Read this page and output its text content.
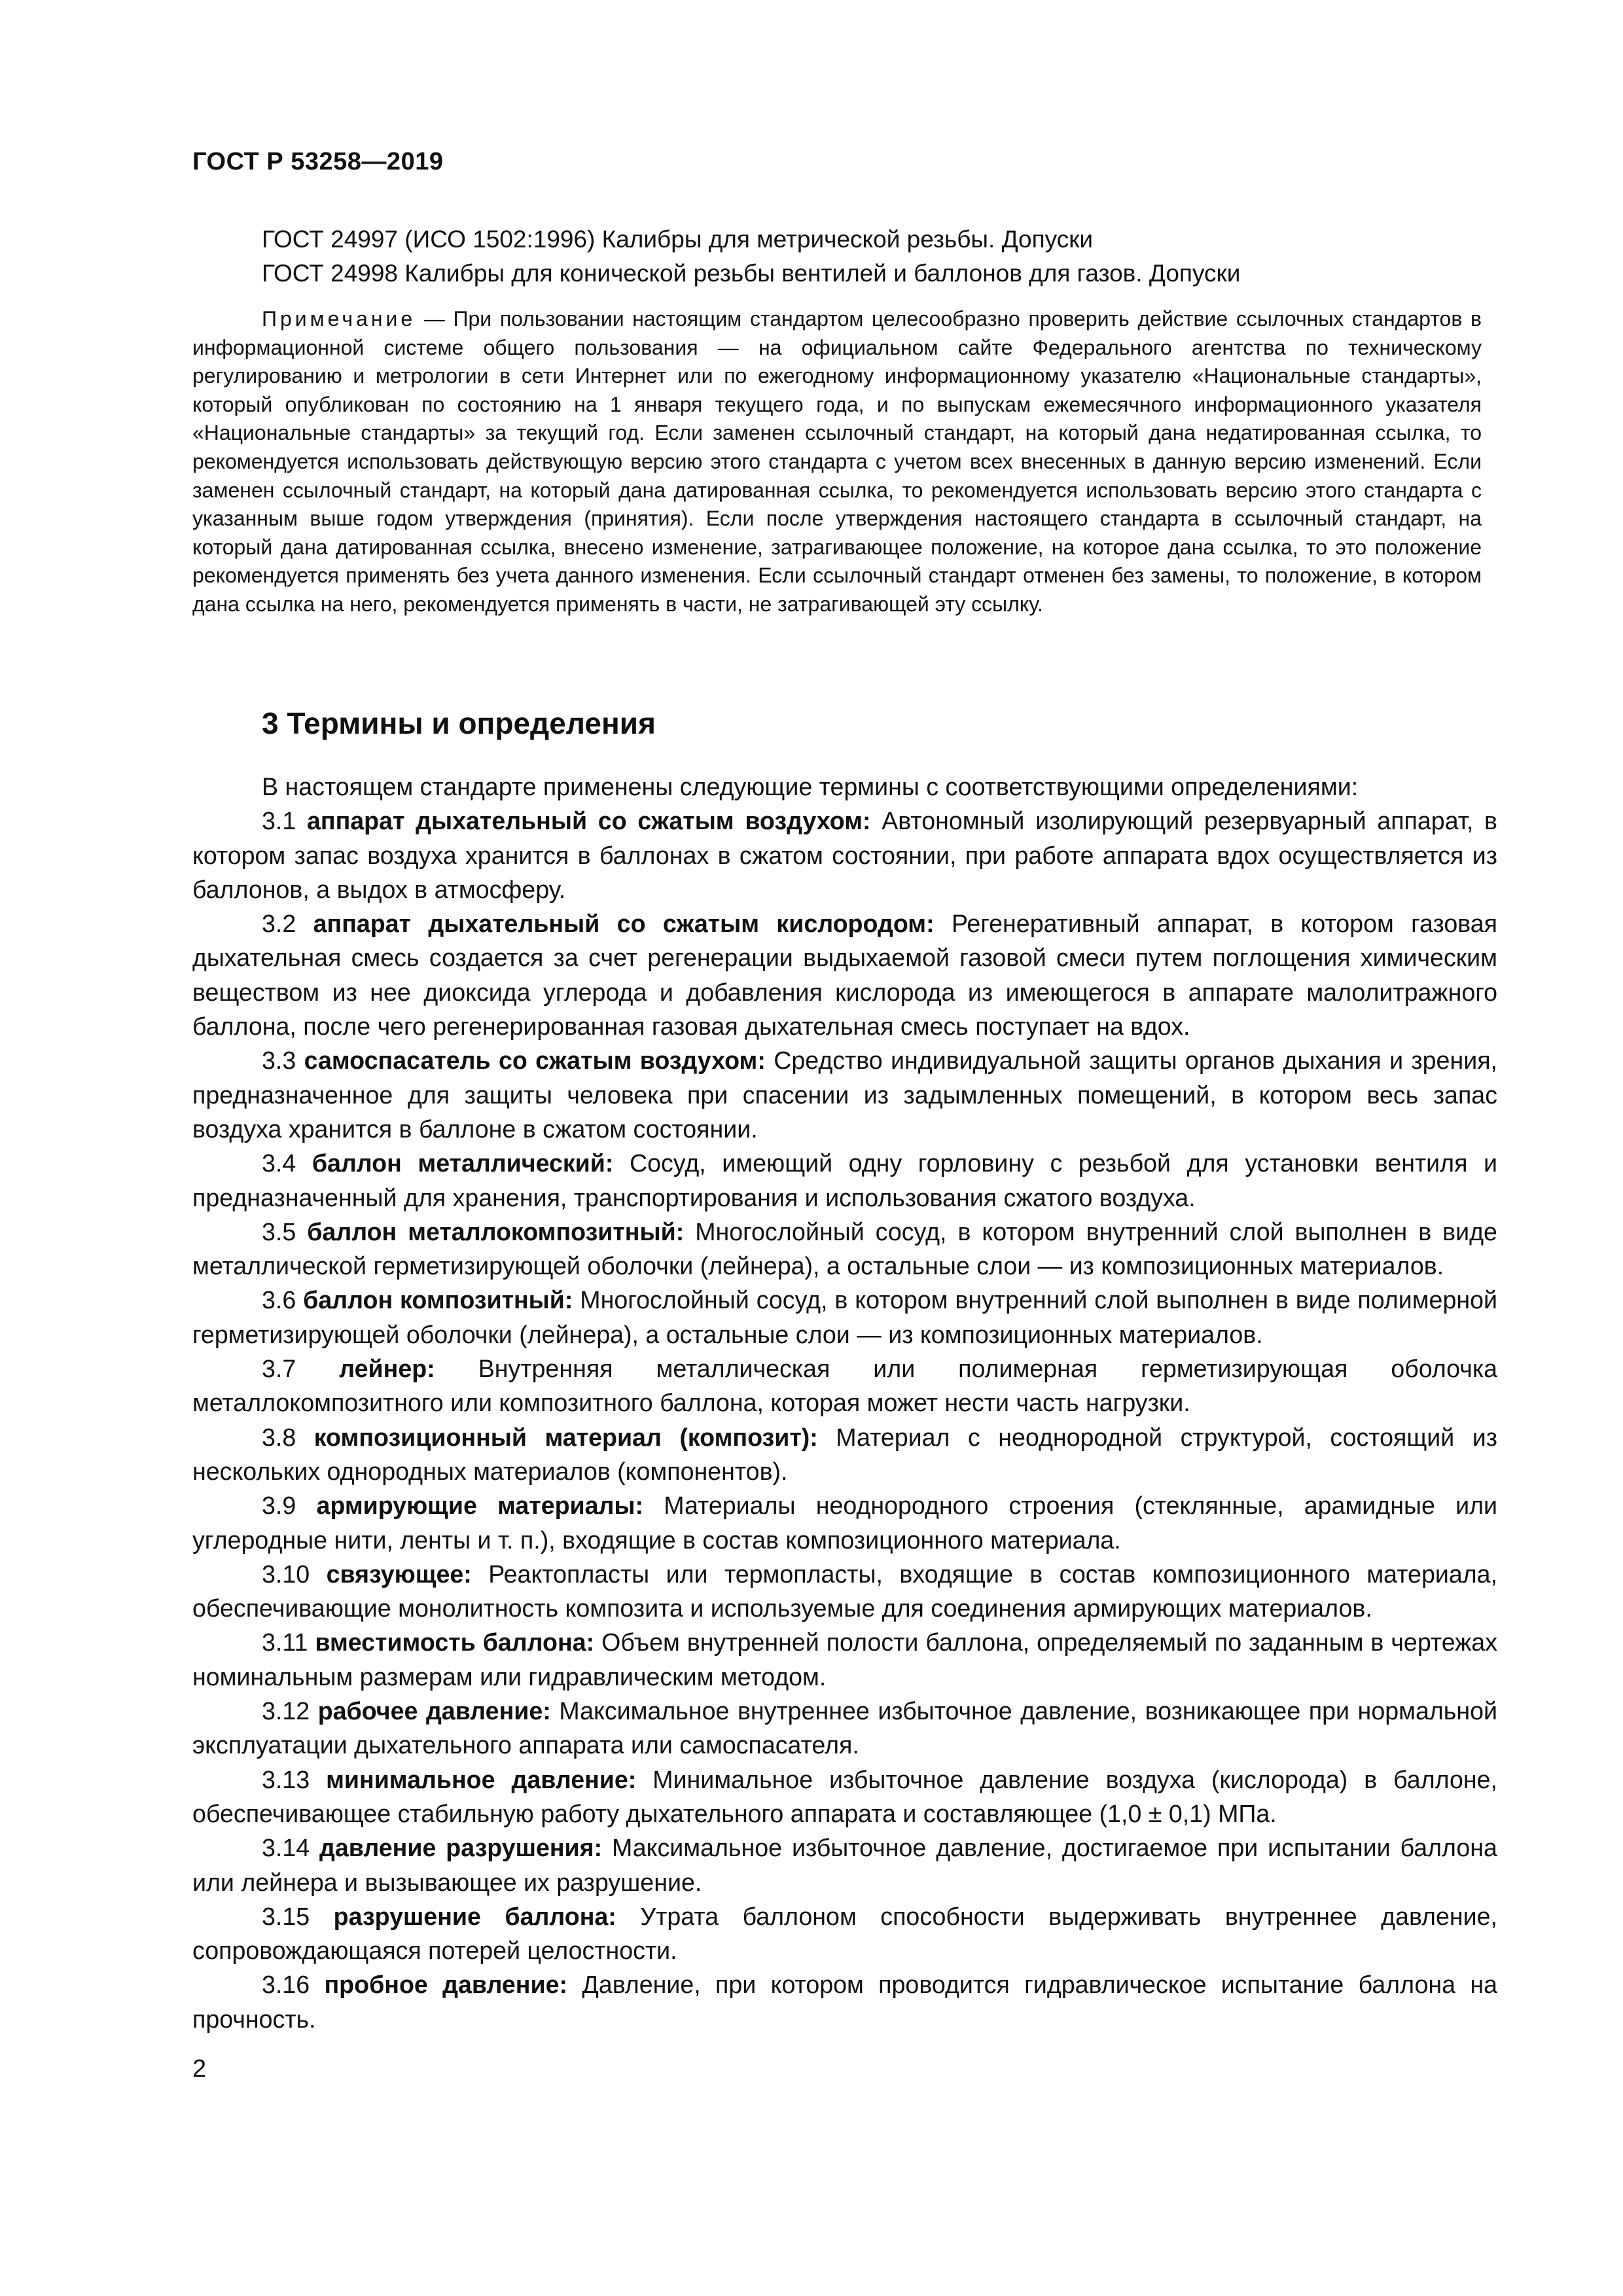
ГОСТ Р 53258—2019
ГОСТ 24997 (ИСО 1502:1996) Калибры для метрической резьбы. Допуски
ГОСТ 24998 Калибры для конической резьбы вентилей и баллонов для газов. Допуски
Примечание — При пользовании настоящим стандартом целесообразно проверить действие ссылочных стандартов в информационной системе общего пользования — на официальном сайте Федерального агентства по техническому регулированию и метрологии в сети Интернет или по ежегодному информационному указателю «Национальные стандарты», который опубликован по состоянию на 1 января текущего года, и по выпускам ежемесячного информационного указателя «Национальные стандарты» за текущий год. Если заменен ссылочный стандарт, на который дана недатированная ссылка, то рекомендуется использовать действующую версию этого стандарта с учетом всех внесенных в данную версию изменений. Если заменен ссылочный стандарт, на который дана датированная ссылка, то рекомендуется использовать версию этого стандарта с указанным выше годом утверждения (принятия). Если после утверждения настоящего стандарта в ссылочный стандарт, на который дана датированная ссылка, внесено изменение, затрагивающее положение, на которое дана ссылка, то это положение рекомендуется применять без учета данного изменения. Если ссылочный стандарт отменен без замены, то положение, в котором дана ссылка на него, рекомендуется применять в части, не затрагивающей эту ссылку.
3 Термины и определения

В настоящем стандарте применены следующие термины с соответствующими определениями:

3.1 аппарат дыхательный со сжатым воздухом: Автономный изолирующий резервуарный аппарат, в котором запас воздуха хранится в баллонах в сжатом состоянии, при работе аппарата вдох осуществляется из баллонов, а выдох в атмосферу.

3.2 аппарат дыхательный со сжатым кислородом: Регенеративный аппарат, в котором газовая дыхательная смесь создается за счет регенерации выдыхаемой газовой смеси путем поглощения химическим веществом из нее диоксида углерода и добавления кислорода из имеющегося в аппарате малолитражного баллона, после чего регенерированная газовая дыхательная смесь поступает на вдох.

3.3 самоспасатель со сжатым воздухом: Средство индивидуальной защиты органов дыхания и зрения, предназначенное для защиты человека при спасении из задымленных помещений, в котором весь запас воздуха хранится в баллоне в сжатом состоянии.

3.4 баллон металлический: Сосуд, имеющий одну горловину с резьбой для установки вентиля и предназначенный для хранения, транспортирования и использования сжатого воздуха.

3.5 баллон металлокомпозитный: Многослойный сосуд, в котором внутренний слой выполнен в виде металлической герметизирующей оболочки (лейнера), а остальные слои — из композиционных материалов.

3.6 баллон композитный: Многослойный сосуд, в котором внутренний слой выполнен в виде полимерной герметизирующей оболочки (лейнера), а остальные слои — из композиционных материалов.

3.7 лейнер: Внутренняя металлическая или полимерная герметизирующая оболочка металлокомпозитного или композитного баллона, которая может нести часть нагрузки.

3.8 композиционный материал (композит): Материал с неоднородной структурой, состоящий из нескольких однородных материалов (компонентов).

3.9 армирующие материалы: Материалы неоднородного строения (стеклянные, арамидные или углеродные нити, ленты и т. п.), входящие в состав композиционного материала.

3.10 связующее: Реактопласты или термопласты, входящие в состав композиционного материала, обеспечивающие монолитность композита и используемые для соединения армирующих материалов.

3.11 вместимость баллона: Объем внутренней полости баллона, определяемый по заданным в чертежах номинальным размерам или гидравлическим методом.

3.12 рабочее давление: Максимальное внутреннее избыточное давление, возникающее при нормальной эксплуатации дыхательного аппарата или самоспасателя.

3.13 минимальное давление: Минимальное избыточное давление воздуха (кислорода) в баллоне, обеспечивающее стабильную работу дыхательного аппарата и составляющее (1,0 ± 0,1) МПа.

3.14 давление разрушения: Максимальное избыточное давление, достигаемое при испытании баллона или лейнера и вызывающее их разрушение.

3.15 разрушение баллона: Утрата баллоном способности выдерживать внутреннее давление, сопровождающаяся потерей целостности.

3.16 пробное давление: Давление, при котором проводится гидравлическое испытание баллона на прочность.

2
